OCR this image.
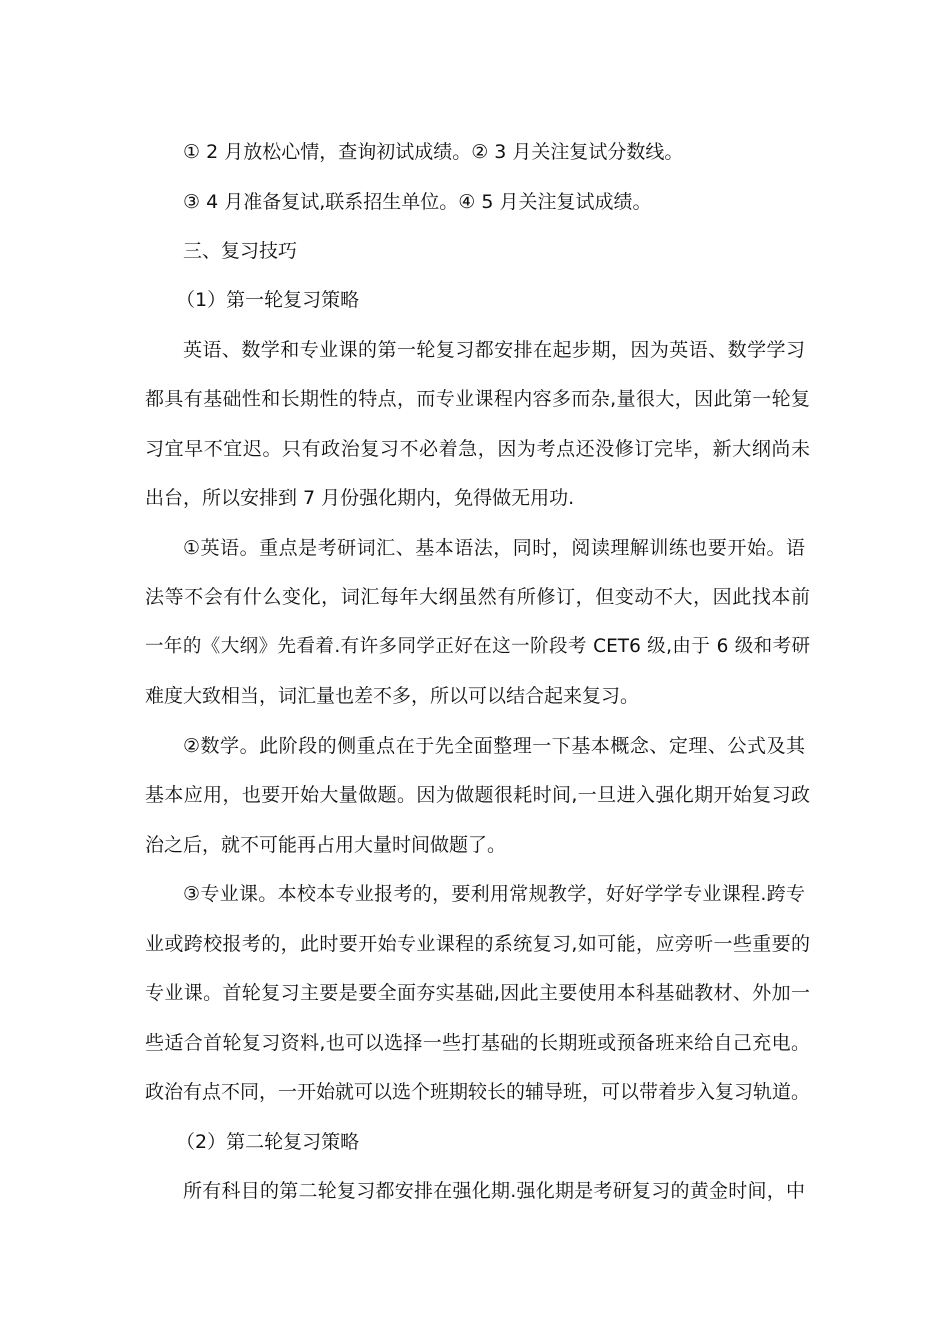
① 2 月放松心情，查询初试成绩。② 3 月关注复试分数线。
③ 4 月准备复试,联系招生单位。④ 5 月关注复试成绩。
三、复习技巧
（1）第一轮复习策略
英语、数学和专业课的第一轮复习都安排在起步期，因为英语、数学学习
都具有基础性和长期性的特点，而专业课程内容多而杂,量很大，因此第一轮复
习宜早不宜迟。只有政治复习不必着急，因为考点还没修订完毕，新大纲尚未
出台，所以安排到 7 月份强化期内，免得做无用功.
①英语。重点是考研词汇、基本语法，同时，阅读理解训练也要开始。语
法等不会有什么变化，词汇每年大纲虽然有所修订，但变动不大，因此找本前
一年的《大纲》先看着.有许多同学正好在这一阶段考 CET6 级,由于 6 级和考研
难度大致相当，词汇量也差不多，所以可以结合起来复习。
②数学。此阶段的侧重点在于先全面整理一下基本概念、定理、公式及其
基本应用，也要开始大量做题。因为做题很耗时间,一旦进入强化期开始复习政
治之后，就不可能再占用大量时间做题了。
③专业课。本校本专业报考的，要利用常规教学，好好学学专业课程.跨专
业或跨校报考的，此时要开始专业课程的系统复习,如可能，应旁听一些重要的
专业课。首轮复习主要是要全面夯实基础,因此主要使用本科基础教材、外加一
些适合首轮复习资料,也可以选择一些打基础的长期班或预备班来给自己充电。
政治有点不同，一开始就可以选个班期较长的辅导班，可以带着步入复习轨道。
（2）第二轮复习策略
所有科目的第二轮复习都安排在强化期.强化期是考研复习的黄金时间，中
